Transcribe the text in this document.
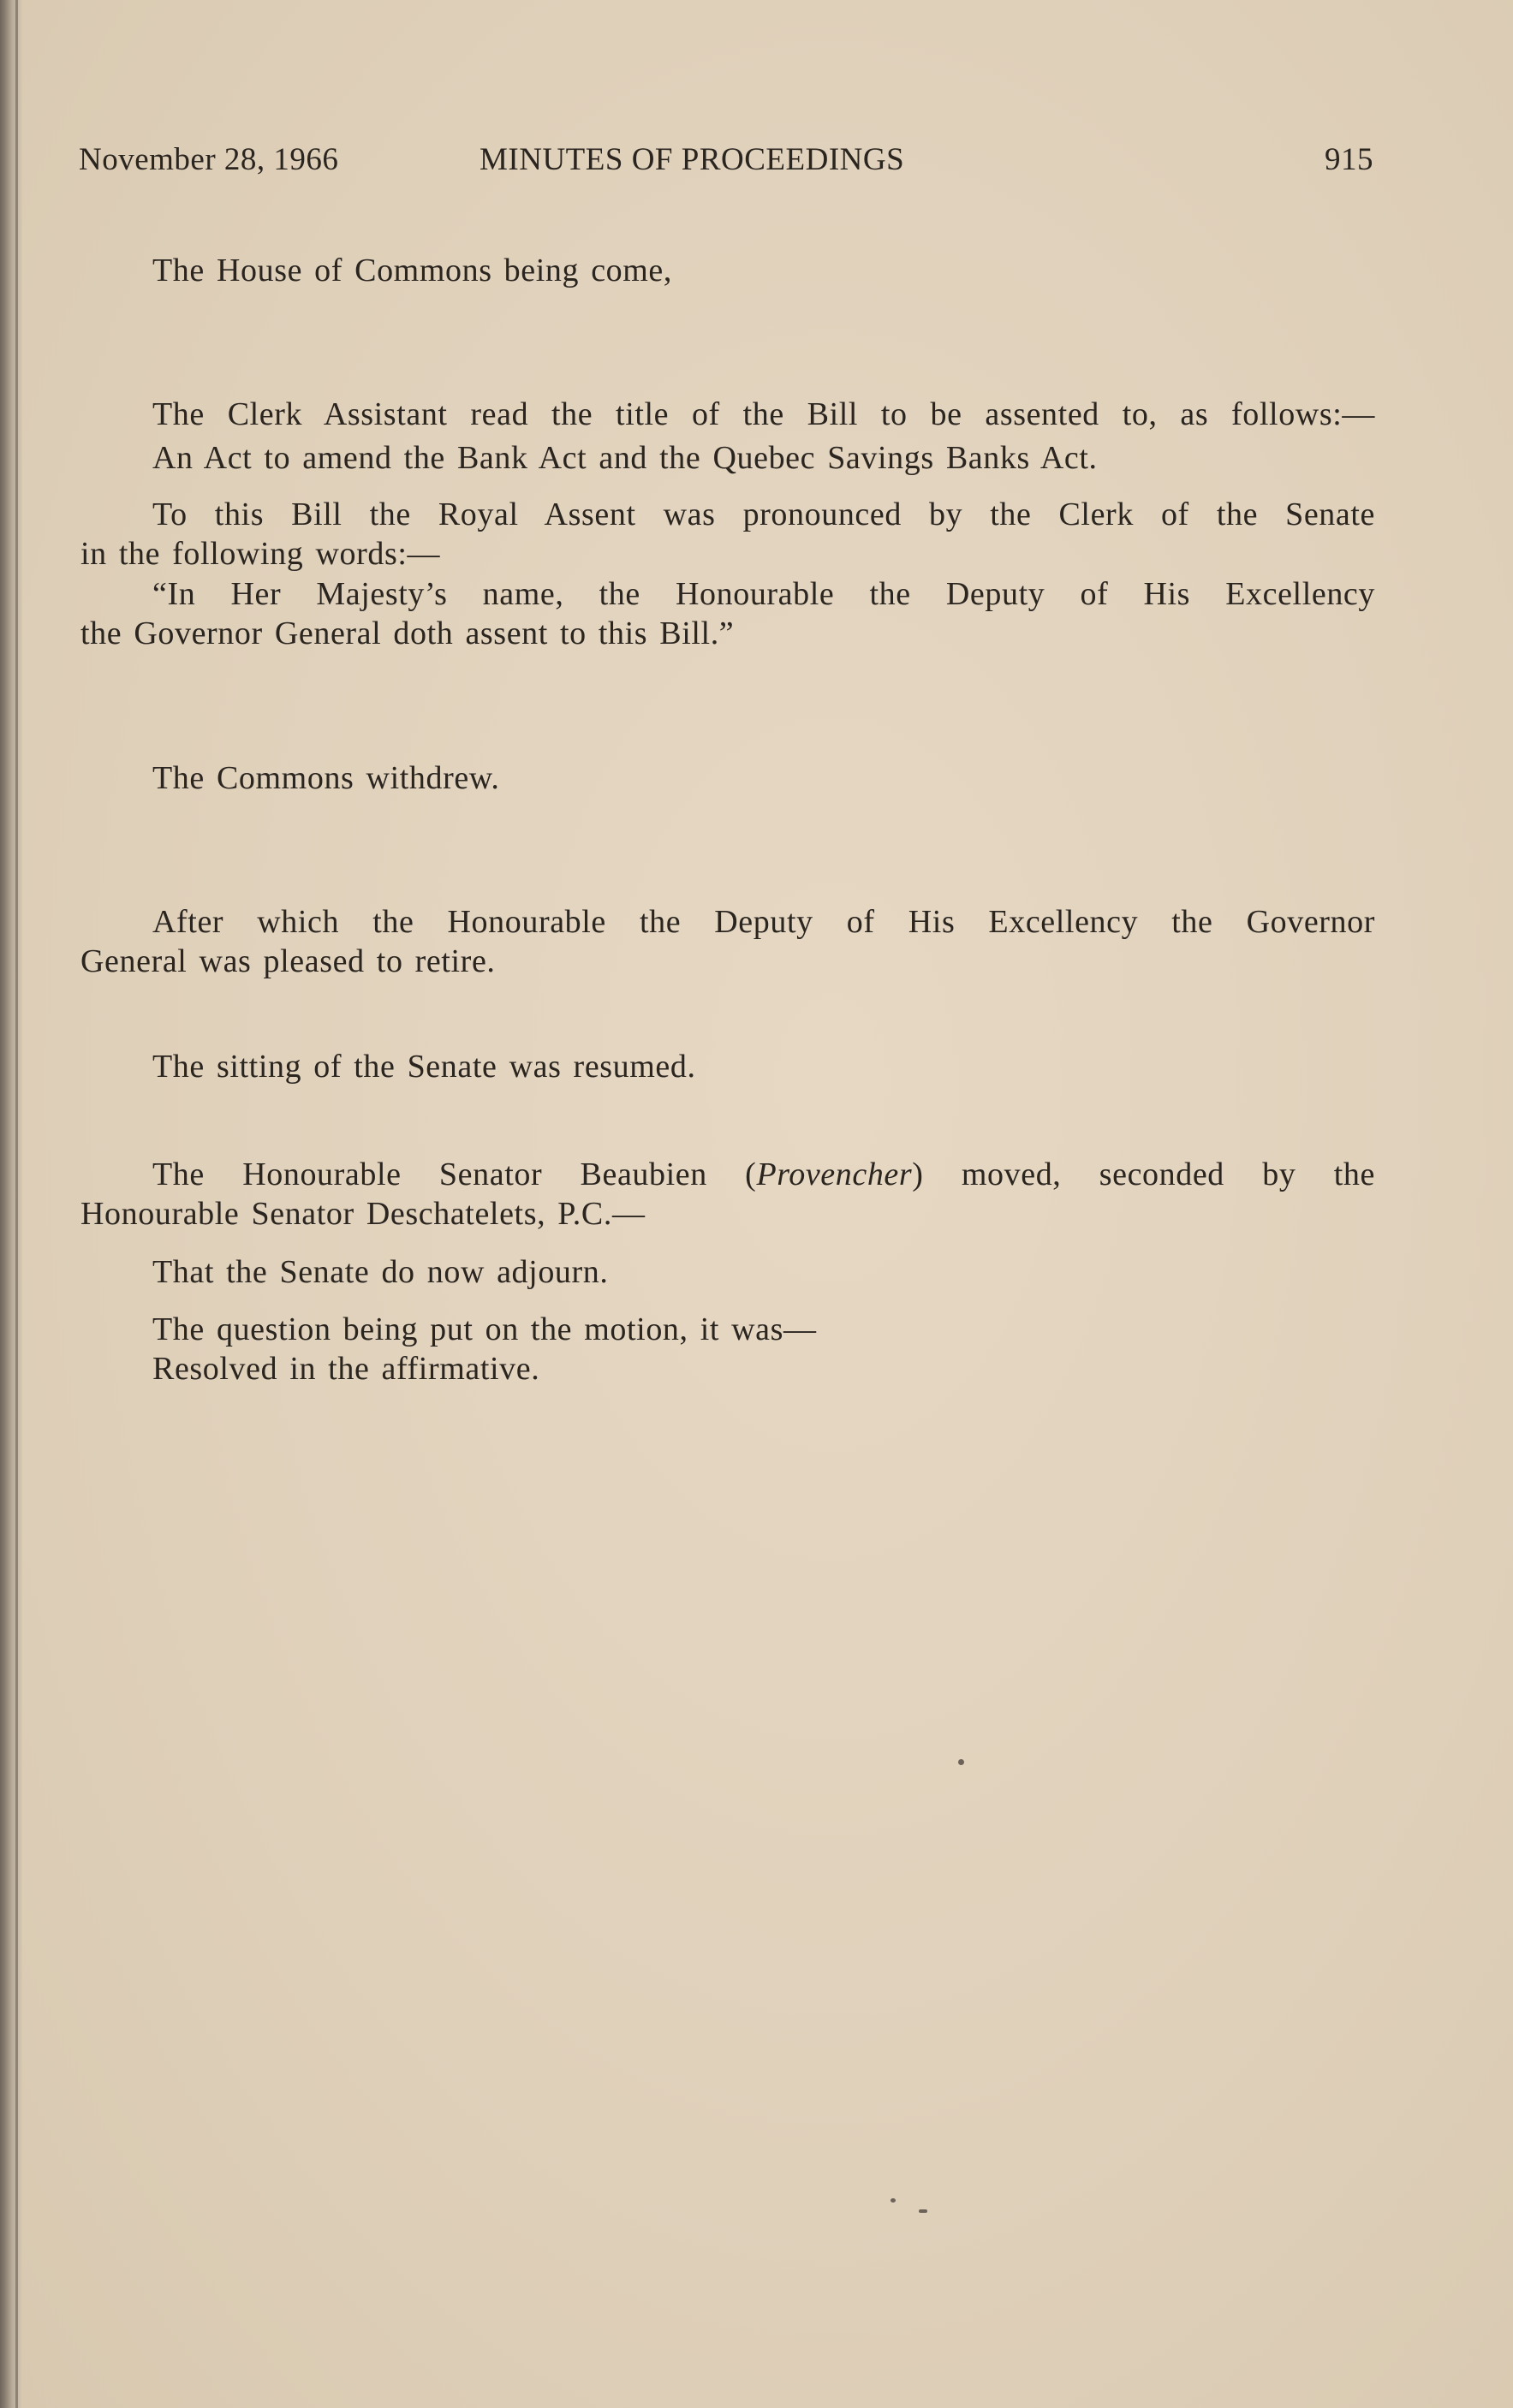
November 28, 1966	MINUTES OF PROCEEDINGS	915
The House of Commons being come,
The Clerk Assistant read the title of the Bill to be assented to, as follows:—
An Act to amend the Bank Act and the Quebec Savings Banks Act.
To this Bill the Royal Assent was pronounced by the Clerk of the Senate
in the following words:—
“In Her Majesty’s name, the Honourable the Deputy of His Excellency
the Governor General doth assent to this Bill.”
The Commons withdrew.
After which the Honourable the Deputy of His Excellency the Governor
General was pleased to retire.
The sitting of the Senate was resumed.
The Honourable Senator Beaubien (Provencher) moved, seconded by the
Honourable Senator Deschatelets, P.C.—
That the Senate do now adjourn.
The question being put on the motion, it was—
Resolved in the affirmative.
